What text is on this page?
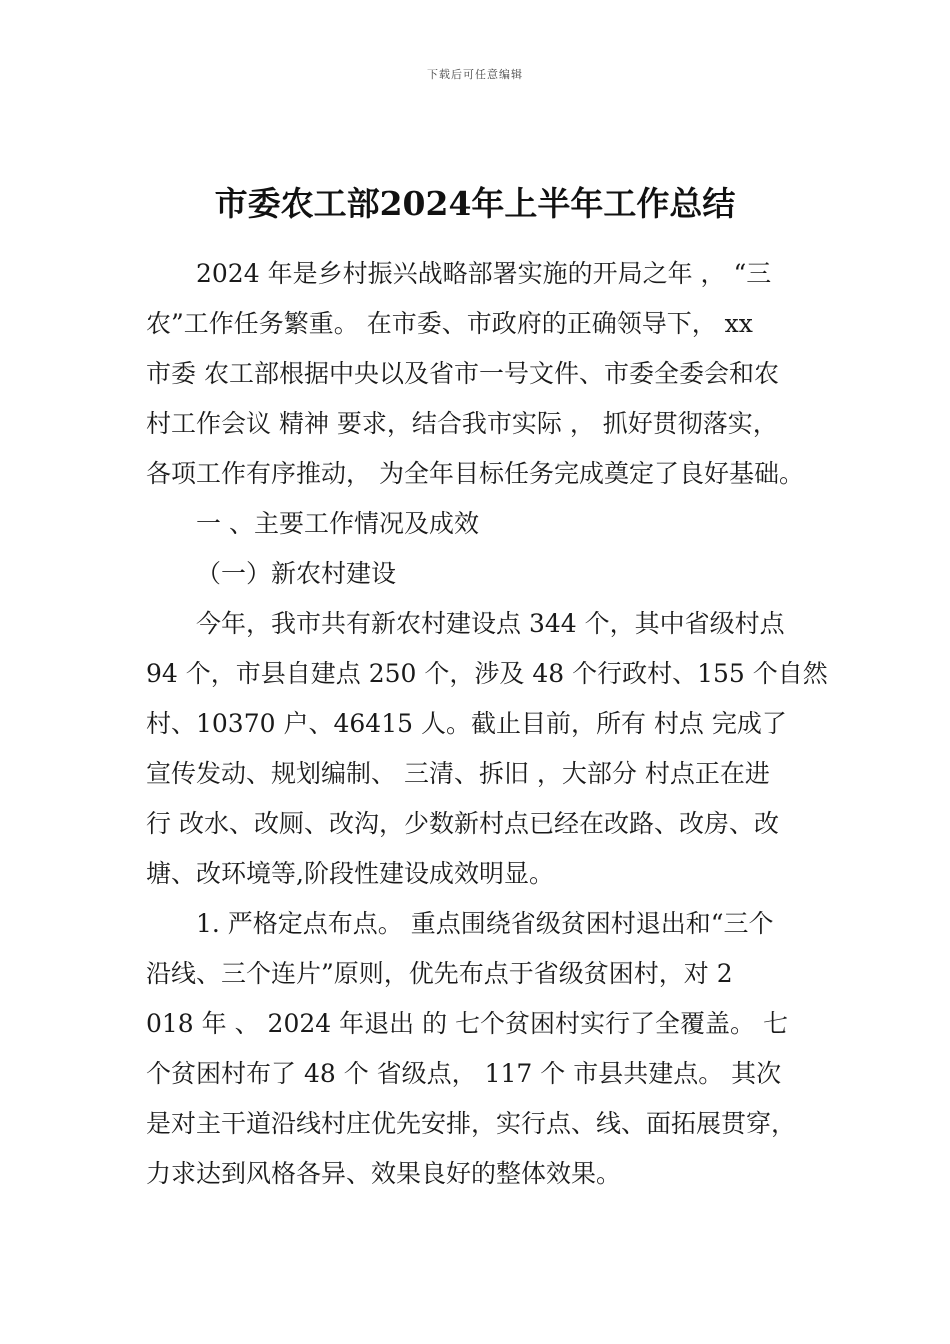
下载后可任意编辑
市委农工部2024年上半年工作总结
2024 年是乡村振兴战略部署实施的开局之年 ， “三
农”工作任务繁重。 在市委、市政府的正确领导下， xx
市委 农工部根据中央以及省市一号文件、市委全委会和农
村工作会议 精神 要求，结合我市实际 ， 抓好贯彻落实，
各项工作有序推动， 为全年目标任务完成奠定了良好基础。
一 、主要工作情况及成效
（一）新农村建设
今年，我市共有新农村建设点 344 个，其中省级村点
94 个，市县自建点 250 个，涉及 48 个行政村、155 个自然
村、10370 户、46415 人。截止目前，所有 村点 完成了
宣传发动、规划编制、 三清、拆旧 ，大部分 村点正在进
行 改水、改厕、改沟，少数新村点已经在改路、改房、改
塘、改环境等,阶段性建设成效明显。
1. 严格定点布点。 重点围绕省级贫困村退出和“三个
沿线、三个连片”原则，优先布点于省级贫困村，对 2
018 年 、 2024 年退出 的 七个贫困村实行了全覆盖。 七
个贫困村布了 48 个 省级点， 117 个 市县共建点。 其次
是对主干道沿线村庄优先安排，实行点、线、面拓展贯穿，
力求达到风格各异、效果良好的整体效果。
